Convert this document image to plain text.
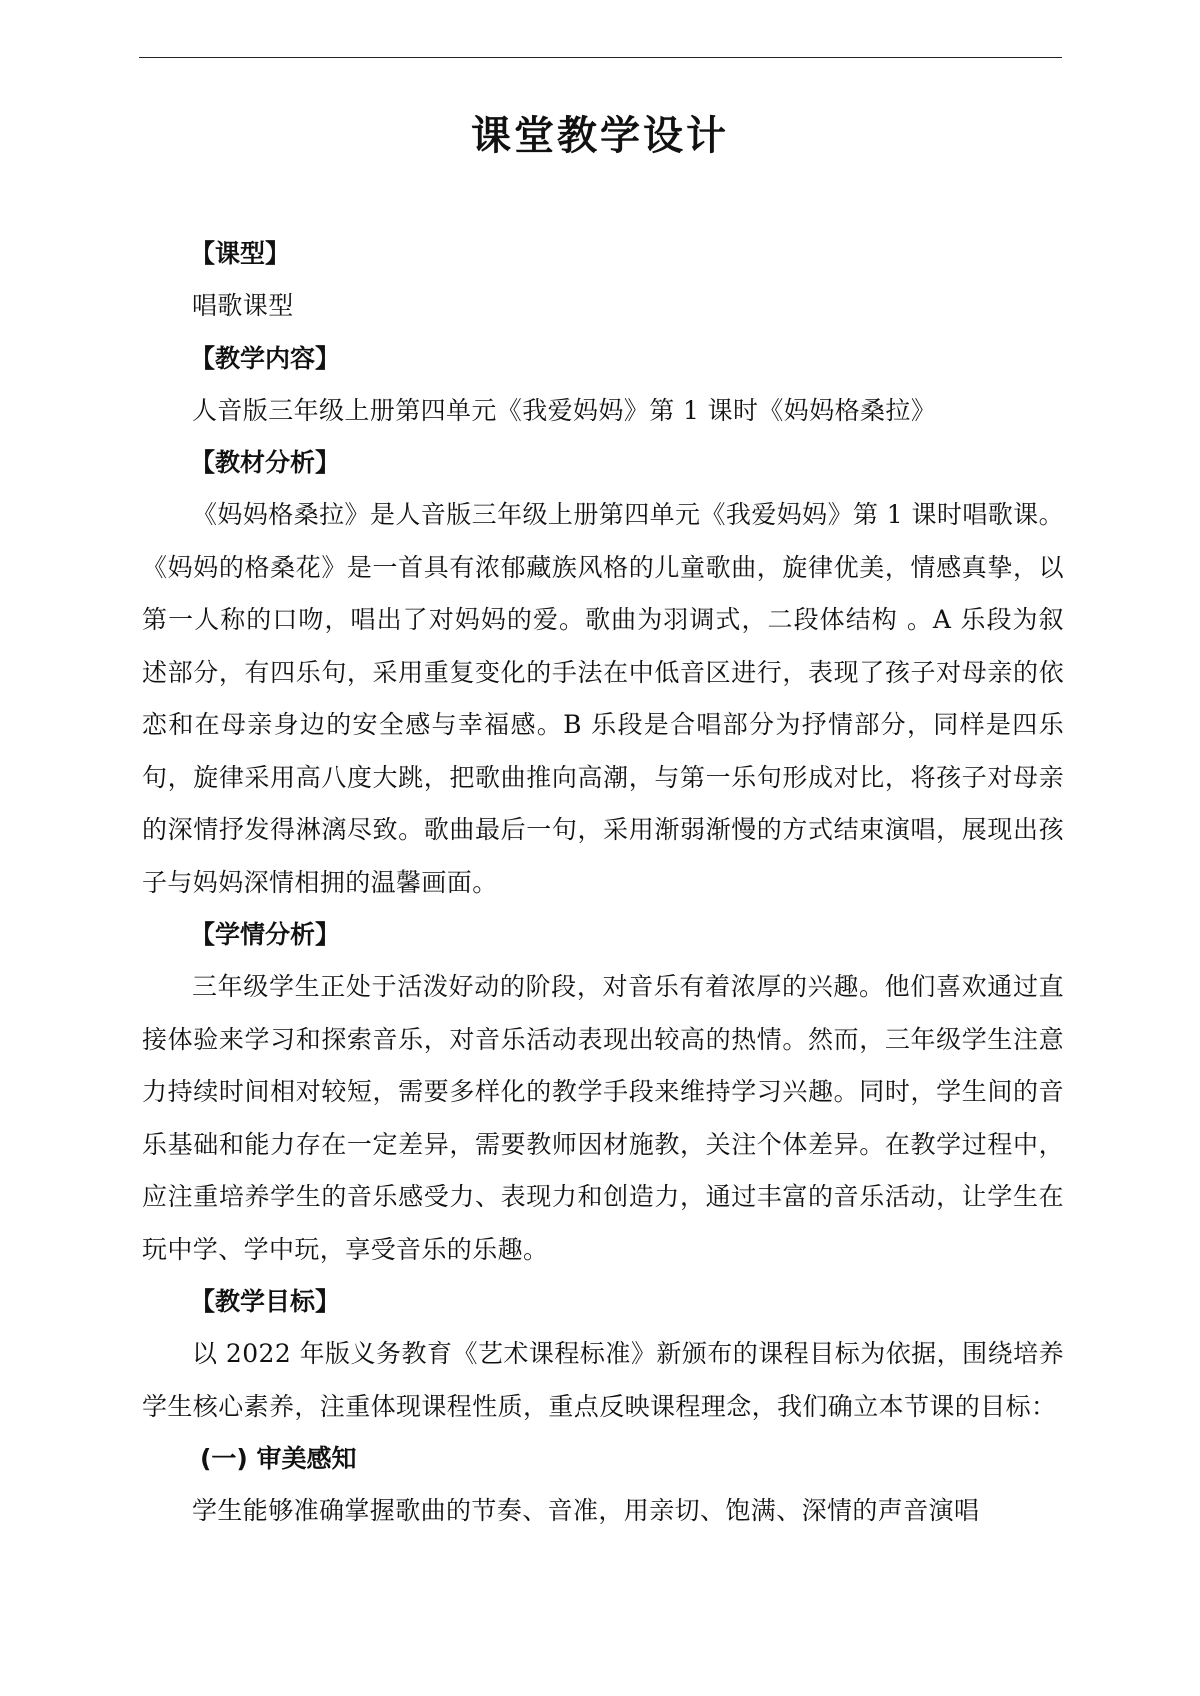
课堂教学设计
【课型】

唱歌课型

【教学内容】

人音版三年级上册第四单元《我爱妈妈》第 1 课时《妈妈格桑拉》

【教材分析】

《妈妈格桑拉》是人音版三年级上册第四单元《我爱妈妈》第 1 课时唱歌课。《妈妈的格桑花》是一首具有浓郁藏族风格的儿童歌曲，旋律优美，情感真挚，以第一人称的口吻，唱出了对妈妈的爱。歌曲为羽调式，二段体结构 。A 乐段为叙述部分，有四乐句，采用重复变化的手法在中低音区进行，表现了孩子对母亲的依恋和在母亲身边的安全感与幸福感。B 乐段是合唱部分为抒情部分，同样是四乐句，旋律采用高八度大跳，把歌曲推向高潮，与第一乐句形成对比，将孩子对母亲的深情抒发得淋漓尽致。歌曲最后一句，采用渐弱渐慢的方式结束演唱，展现出孩子与妈妈深情相拥的温馨画面。

【学情分析】

三年级学生正处于活泼好动的阶段，对音乐有着浓厚的兴趣。他们喜欢通过直接体验来学习和探索音乐，对音乐活动表现出较高的热情。然而，三年级学生注意力持续时间相对较短，需要多样化的教学手段来维持学习兴趣。同时，学生间的音乐基础和能力存在一定差异，需要教师因材施教，关注个体差异。在教学过程中，应注重培养学生的音乐感受力、表现力和创造力，通过丰富的音乐活动，让学生在玩中学、学中玩，享受音乐的乐趣。

【教学目标】

以 2022 年版义务教育《艺术课程标准》新颁布的课程目标为依据，围绕培养学生核心素养，注重体现课程性质，重点反映课程理念，我们确立本节课的目标：

(一) 审美感知

学生能够准确掌握歌曲的节奏、音准，用亲切、饱满、深情的声音演唱
